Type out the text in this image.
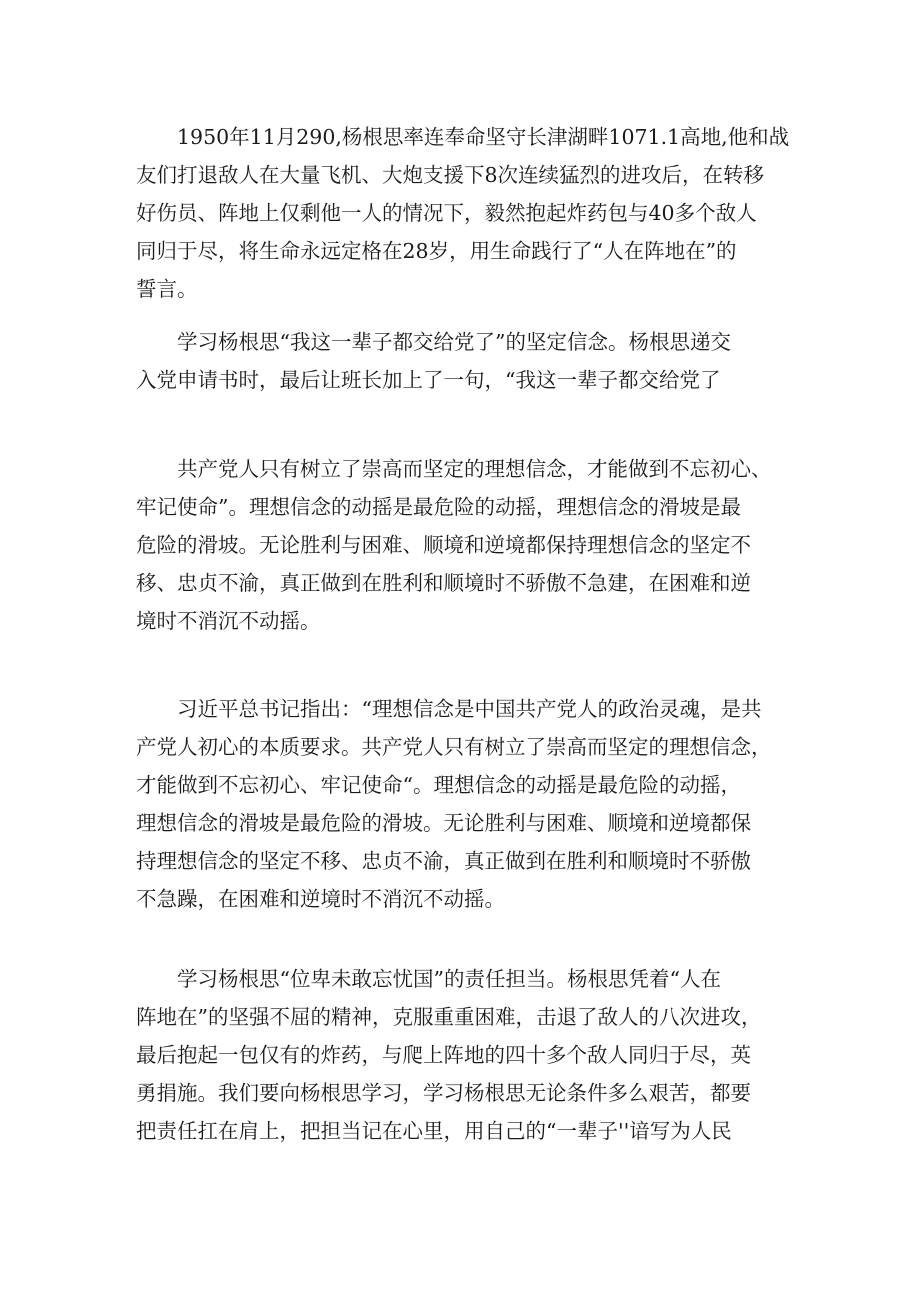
　　1950年11月290,杨根思率连奉命坚守长津湖畔1071.1高地,他和战
友们打退敌人在大量飞机、大炮支援下8次连续猛烈的进攻后，在转移
好伤员、阵地上仅剩他一人的情况下，毅然抱起炸药包与40多个敌人
同归于尽，将生命永远定格在28岁，用生命践行了“人在阵地在”的
誓言。
　　学习杨根思“我这一辈子都交给党了”的坚定信念。杨根思递交
入党申请书时，最后让班长加上了一句，“我这一辈子都交给党了
　　共产党人只有树立了崇高而坚定的理想信念，才能做到不忘初心、
牢记使命”。理想信念的动摇是最危险的动摇，理想信念的滑坡是最
危险的滑坡。无论胜利与困难、顺境和逆境都保持理想信念的坚定不
移、忠贞不渝，真正做到在胜利和顺境时不骄傲不急建，在困难和逆
境时不消沉不动摇。
　　习近平总书记指出：“理想信念是中国共产党人的政治灵魂，是共
产党人初心的本质要求。共产党人只有树立了崇高而坚定的理想信念，
才能做到不忘初心、牢记使命“。理想信念的动摇是最危险的动摇，
理想信念的滑坡是最危险的滑坡。无论胜利与困难、顺境和逆境都保
持理想信念的坚定不移、忠贞不渝，真正做到在胜利和顺境时不骄傲
不急躁，在困难和逆境时不消沉不动摇。
　　学习杨根思“位卑未敢忘忧国”的责任担当。杨根思凭着“人在
阵地在”的坚强不屈的精神，克服重重困难，击退了敌人的八次进攻，
最后抱起一包仅有的炸药，与爬上阵地的四十多个敌人同归于尽，英
勇捐施。我们要向杨根思学习，学习杨根思无论条件多么艰苦，都要
把责任扛在肩上，把担当记在心里，用自己的“一辈子''谙写为人民
